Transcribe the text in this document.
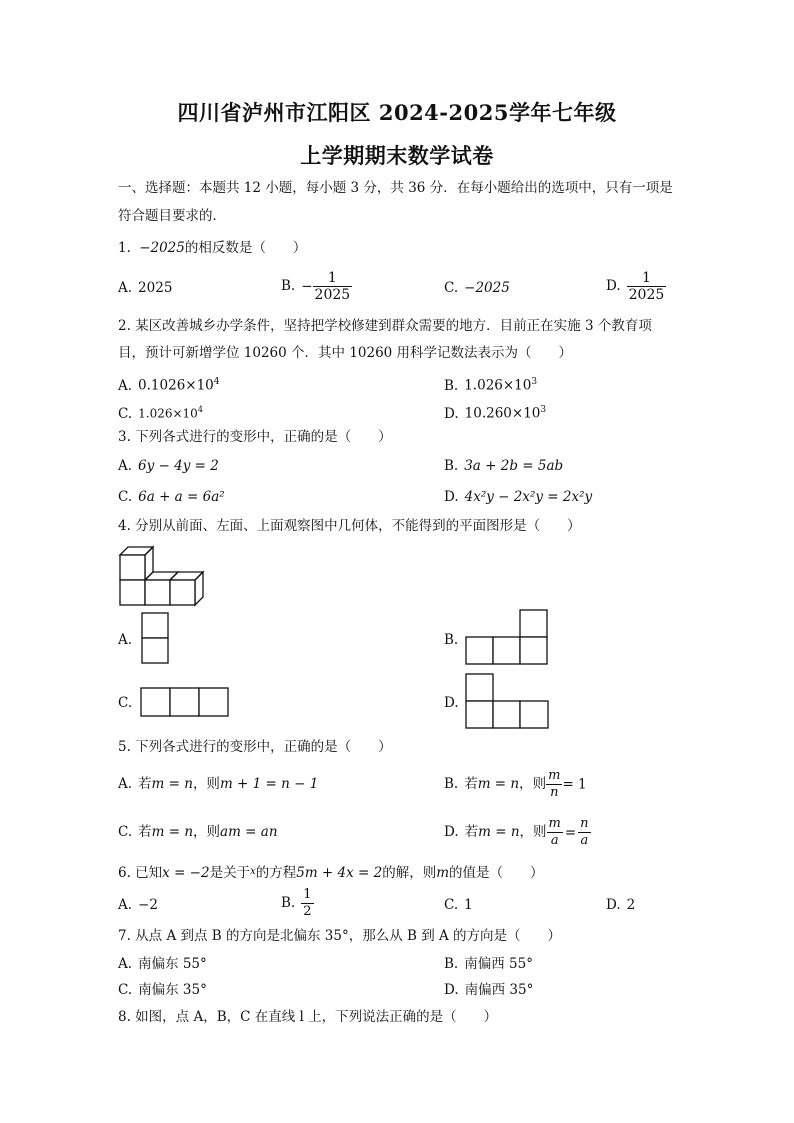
四川省泸州市江阳区 2024-2025学年七年级
上学期期末数学试卷
一、选择题：本题共 12 小题，每小题 3 分，共 36 分．在每小题给出的选项中，只有一项是
符合题目要求的．
1. −2025的相反数是（　　）
A. 2025	B. − $\frac{1}{2025}$	C. −2025	D. $\frac{1}{2025}$
2. 某区改善城乡办学条件，坚持把学校修建到群众需要的地方．目前正在实施 3 个教育项
目，预计可新增学位 10260 个．其中 10260 用科学记数法表示为（　　）
A. $0.1026\times 10^4$	B. $1.026\times 10^3$
C. $1.026\times 10^4$	D. $10.260\times 10^3$
3. 下列各式进行的变形中，正确的是（　　）
A. 6y − 4y = 2	B. 3a + 2b = 5ab
C. 6a + a = 6a²	D. 4x²y − 2x²y = 2x²y
4. 分别从前面、左面、上面观察图中几何体，不能得到的平面图形是（　　）
A.	B.
C.	D.
5. 下列各式进行的变形中，正确的是（　　）
A. 若m = n，则m + 1 = n − 1	B. 若m = n，则 $\frac{m}{n} = 1$
C. 若m = n，则am = an	D. 若m = n，则 $\frac{m}{a} = \frac{n}{a}$
6. 已知x = −2是关于$^x$的方程5m + 4x = 2的解，则m的值是（　　）
A. −2	B. $\frac{1}{2}$	C. 1	D. 2
7. 从点 A 到点 B 的方向是北偏东 35°，那么从 B 到 A 的方向是（　　）
A. 南偏东 55°	B. 南偏西 55°
C. 南偏东 35°	D. 南偏西 35°
8. 如图，点 A，B，C 在直线 l 上，下列说法正确的是（　　）
